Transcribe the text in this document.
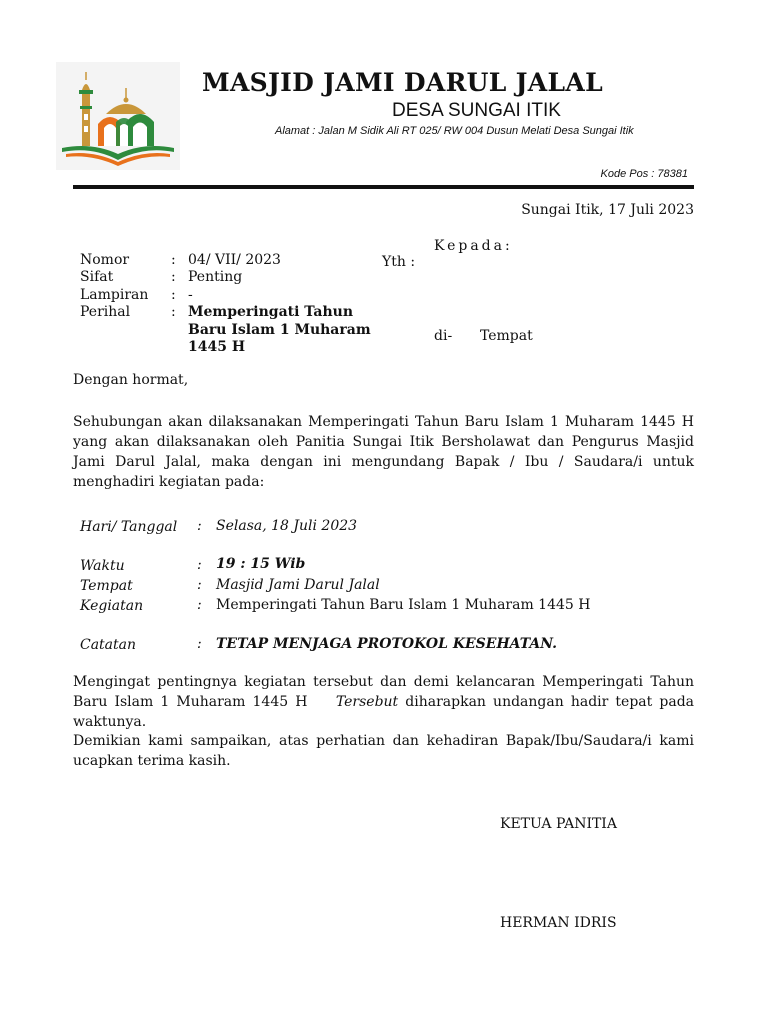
MASJID JAMI DARUL JALAL
DESA SUNGAI ITIK
Alamat : Jalan M Sidik Ali RT 025/ RW 004 Dusun Melati Desa Sungai Itik
Kode Pos : 78381
Sungai Itik, 17 Juli 2023
Kepada:
Yth :
di- Tempat
Nomor	: 04/ VII/ 2023
Sifat	: Penting
Lampiran : -
Perihal	: Memperingati Tahun Baru Islam 1 Muharam 1445 H
Dengan hormat,
Sehubungan akan dilaksanakan Memperingati Tahun Baru Islam 1 Muharam 1445 H yang akan dilaksanakan oleh Panitia Sungai Itik Bersholawat dan Pengurus Masjid Jami Darul Jalal, maka dengan ini mengundang Bapak / Ibu / Saudara/i untuk menghadiri kegiatan pada:
Hari/ Tanggal	: Selasa, 18 Juli 2023
Waktu	: 19 : 15 Wib
Tempat	: Masjid Jami Darul Jalal
Kegiatan	: Memperingati Tahun Baru Islam 1 Muharam 1445 H
Catatan	: TETAP MENJAGA PROTOKOL KESEHATAN.
Mengingat pentingnya kegiatan tersebut dan demi kelancaran Memperingati Tahun Baru Islam 1 Muharam 1445 H Tersebut diharapkan undangan hadir tepat pada waktunya.
Demikian kami sampaikan, atas perhatian dan kehadiran Bapak/Ibu/Saudara/i kami ucapkan terima kasih.
KETUA PANITIA
HERMAN IDRIS
